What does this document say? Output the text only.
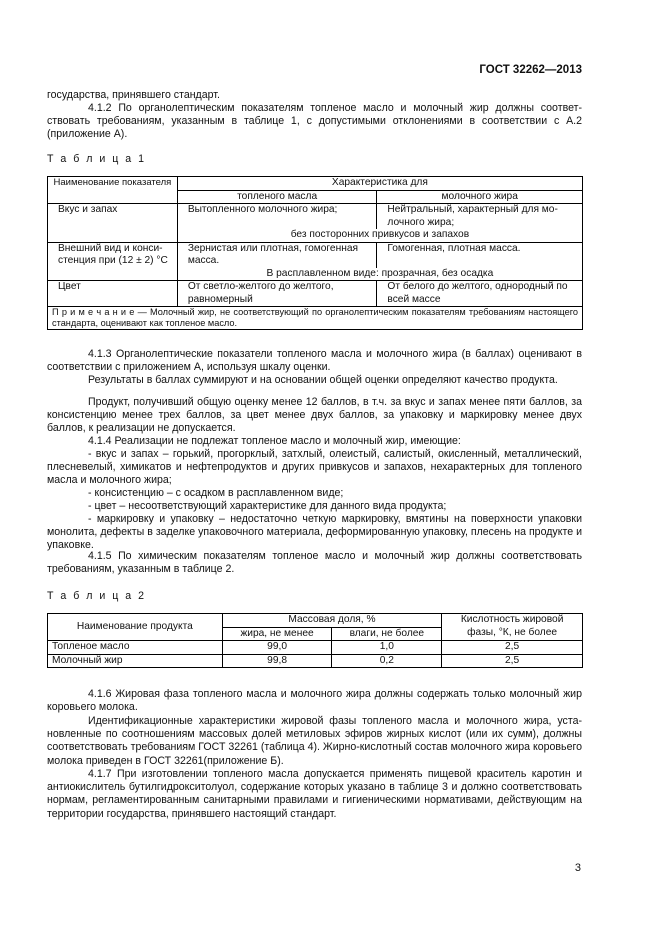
ГОСТ 32262—2013

государства, принявшего стандарт.

4.1.2 По органолептическим показателям топленое масло и молочный жир должны соответствовать требованиям, указанным в таблице 1, с допустимыми отклонениями в соответствии с А.2 (приложение А).

Т а б л и ц а 1
Наименование показателя	Характеристика для	
	топленого масла	молочного жира
Вкус и запах	Вытопленного молочного жира;	Нейтральный, характерный для молочного жира;
	без посторонних привкусов и запахов	
Внешний вид и консистенция при (12 ± 2) °С	Зернистая или плотная, гомогенная масса.	Гомогенная, плотная масса.
	В расплавленном виде: прозрачная, без осадка	
Цвет	От светло-желтого до желтого, равномерный	От белого до желтого, однородный по всей массе
П р и м е ч а н и е — Молочный жир, не соответствующий по органолептическим показателям требованиям настоящего стандарта, оценивают как топленое масло.		

4.1.3 Органолептические показатели топленого масла и молочного жира (в баллах) оценивают в соответствии с приложением А, используя шкалу оценки.

Результаты в баллах суммируют и на основании общей оценки определяют качество продукта.

Продукт, получивший общую оценку менее 12 баллов, в т.ч. за вкус и запах менее пяти баллов, за консистенцию менее трех баллов, за цвет менее двух баллов, за упаковку и маркировку менее двух баллов, к реализации не допускается.

4.1.4 Реализации не подлежат топленое масло и молочный жир, имеющие:

- вкус и запах – горький, прогорклый, затхлый, олеистый, салистый, окисленный, металлический, плесневелый, химикатов и нефтепродуктов и других привкусов и запахов, нехарактерных для топленого масла и молочного жира;

- консистенцию – с осадком в расплавленном виде;

- цвет – несоответствующий характеристике для данного вида продукта;

- маркировку и упаковку – недостаточно четкую маркировку, вмятины на поверхности упаковки монолита, дефекты в заделке упаковочного материала, деформированную упаковку, плесень на продукте и упаковке.

4.1.5 По химическим показателям топленое масло и молочный жир должны соответствовать требованиям, указанным в таблице 2.

Т а б л и ц а 2
Наименование продукта	Массовая доля, %		Кислотность жировой фазы, °К, не более
	жира, не менее	влаги, не более	
Топленое масло	99,0	1,0	2,5
Молочный жир	99,8	0,2	2,5

4.1.6 Жировая фаза топленого масла и молочного жира должны содержать только молочный жир коровьего молока.

Идентификационные характеристики жировой фазы топленого масла и молочного жира, установленные по соотношениям массовых долей метиловых эфиров жирных кислот (или их сумм), должны соответствовать требованиям ГОСТ 32261 (таблица 4). Жирно-кислотный состав молочного жира коровьего молока приведен в ГОСТ 32261(приложение Б).

4.1.7 При изготовлении топленого масла допускается применять пищевой краситель каротин и антиокислитель бутилгидрокситолуол, содержание которых указано в таблице 3 и должно соответствовать нормам, регламентированным санитарными правилами и гигиеническими нормативами, действующим на территории государства, принявшего настоящий стандарт.

3
